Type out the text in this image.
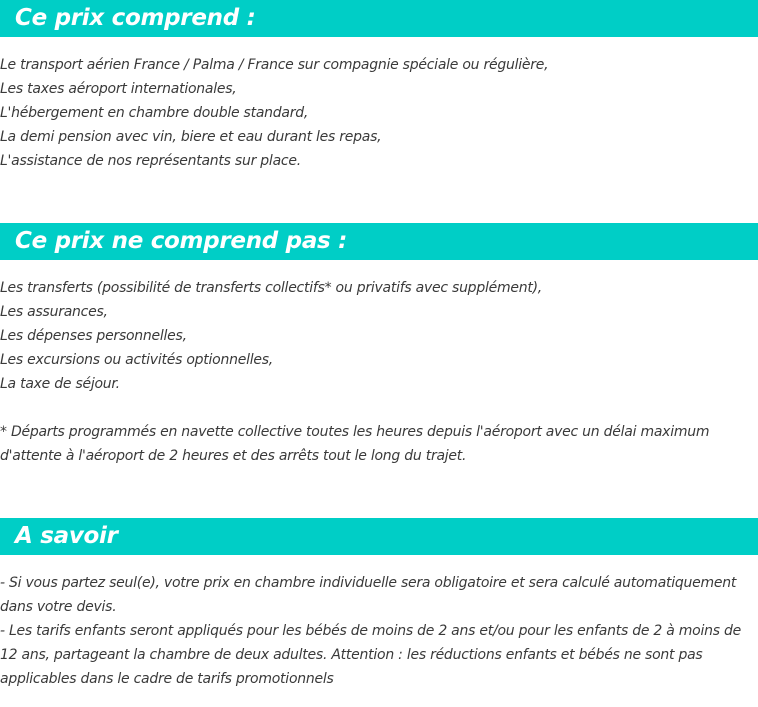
Ce prix comprend :
Le transport aérien France / Palma / France sur compagnie spéciale ou régulière,
Les taxes aéroport internationales,
L'hébergement en chambre double standard,
La demi pension avec vin, biere et eau durant les repas,
L'assistance de nos représentants sur place.
Ce prix ne comprend pas :
Les transferts (possibilité de transferts collectifs* ou privatifs avec supplément),
Les assurances,
Les dépenses personnelles,
Les excursions ou activités optionnelles,
La taxe de séjour.
* Départs programmés en navette collective toutes les heures depuis l'aéroport avec un délai maximum d'attente à l'aéroport de 2 heures et des arrêts tout le long du trajet.
A savoir
- Si vous partez seul(e), votre prix en chambre individuelle sera obligatoire et sera calculé automatiquement dans votre devis.
- Les tarifs enfants seront appliqués pour les bébés de moins de 2 ans et/ou pour les enfants de 2 à moins de 12 ans, partageant la chambre de deux adultes. Attention : les réductions enfants et bébés ne sont pas applicables dans le cadre de tarifs promotionnels
